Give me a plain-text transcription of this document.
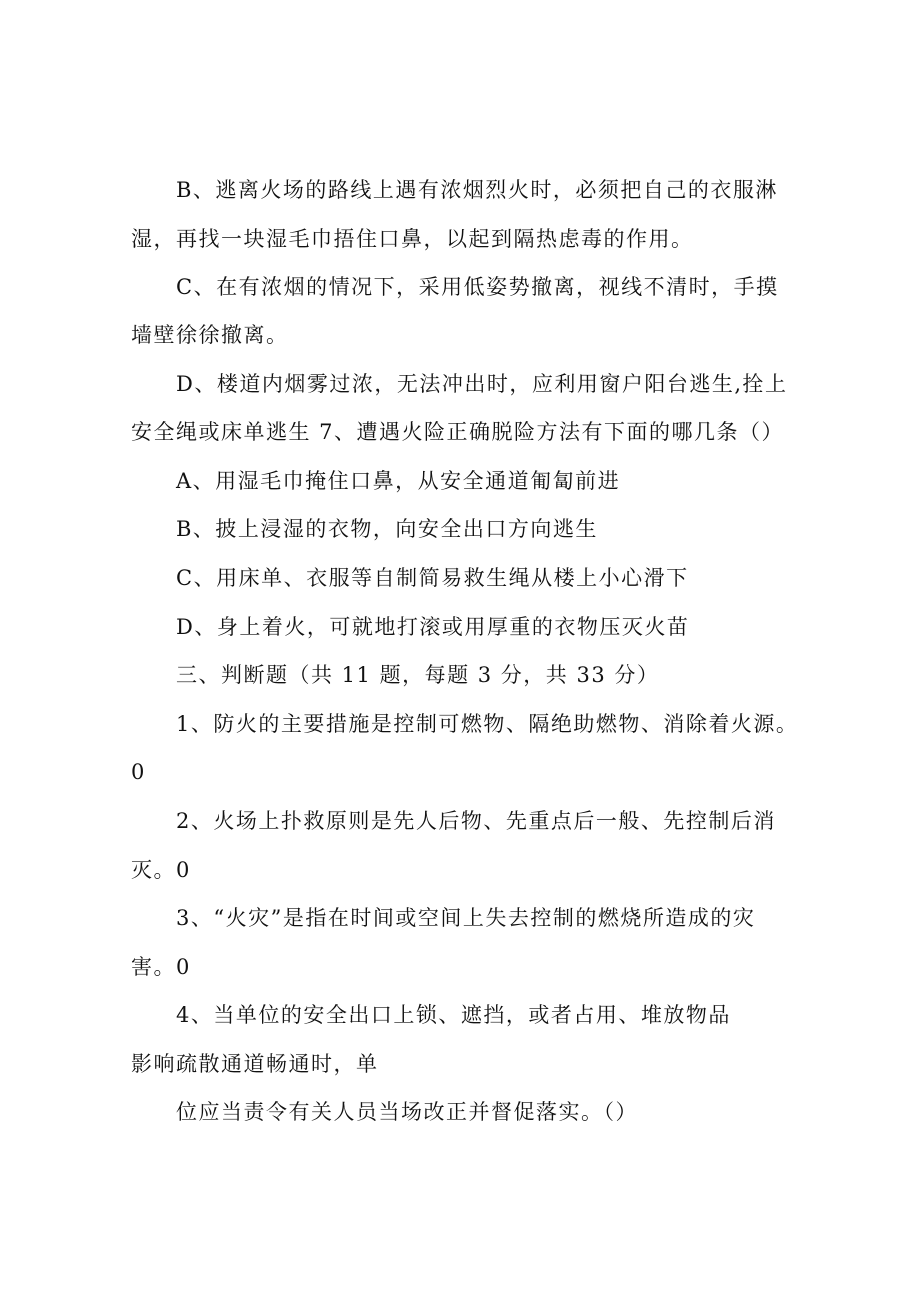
B、逃离火场的路线上遇有浓烟烈火时，必须把自己的衣服淋
湿，再找一块湿毛巾捂住口鼻，以起到隔热虑毒的作用。
C、在有浓烟的情况下，采用低姿势撤离，视线不清时，手摸
墙壁徐徐撤离。
D、楼道内烟雾过浓，无法冲出时，应利用窗户阳台逃生,拴上
安全绳或床单逃生 7、遭遇火险正确脱险方法有下面的哪几条（）
A、用湿毛巾掩住口鼻，从安全通道匍匐前进
B、披上浸湿的衣物，向安全出口方向逃生
C、用床单、衣服等自制简易救生绳从楼上小心滑下
D、身上着火，可就地打滚或用厚重的衣物压灭火苗
三、判断题（共 11 题，每题 3 分，共 33 分）
1、防火的主要措施是控制可燃物、隔绝助燃物、消除着火源。
0
2、火场上扑救原则是先人后物、先重点后一般、先控制后消
灭。0
3、“火灾”是指在时间或空间上失去控制的燃烧所造成的灾
害。0
4、当单位的安全出口上锁、遮挡，或者占用、堆放物品
影响疏散通道畅通时，单
位应当责令有关人员当场改正并督促落实。（）
